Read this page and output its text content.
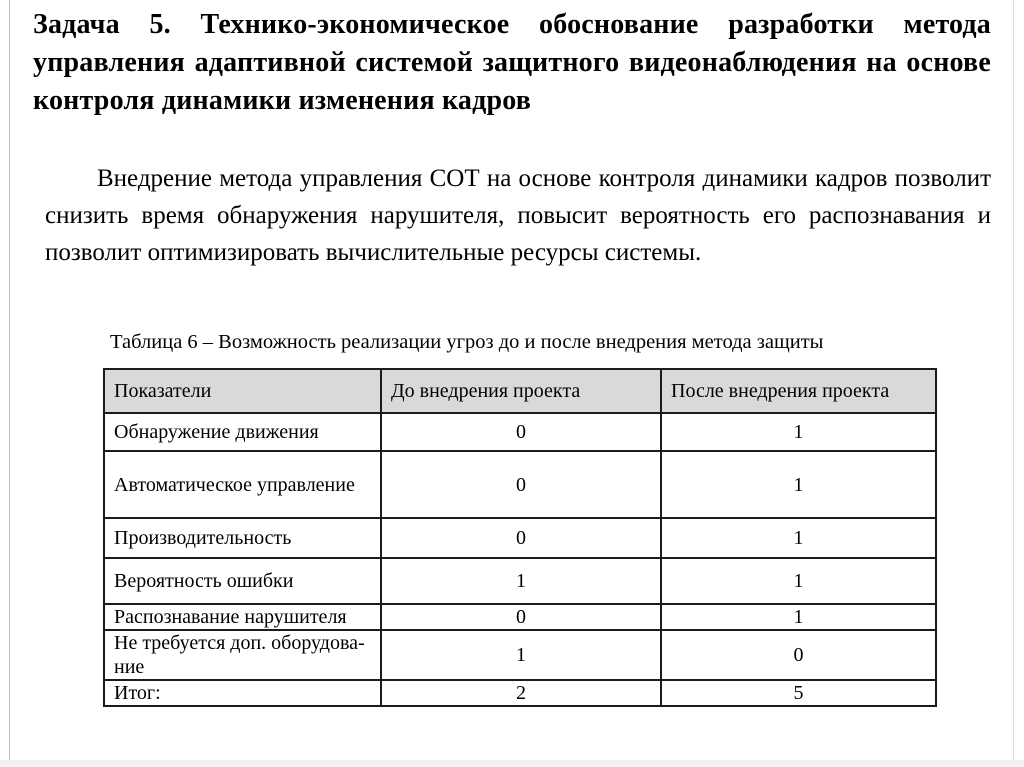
Задача 5. Технико-экономическое обоснование разработки метода управления адаптивной системой защитного видеонаблюдения на основе контроля динамики изменения кадров

Внедрение метода управления СОТ на основе контроля динамики кадров позволит снизить время обнаружения нарушителя, повысит вероятность его распознавания и позволит оптимизировать вычислительные ресурсы системы.

Таблица 6 – Возможность реализации угроз до и после внедрения метода защиты
Показатели	До внедрения проекта	После внедрения проекта
Обнаружение движения	0	1
Автоматическое управление	0	1
Производительность	0	1
Вероятность ошибки	1	1
Распознавание нарушителя	0	1
Не требуется доп. оборудова-ние	1	0
Итог:	2	5
